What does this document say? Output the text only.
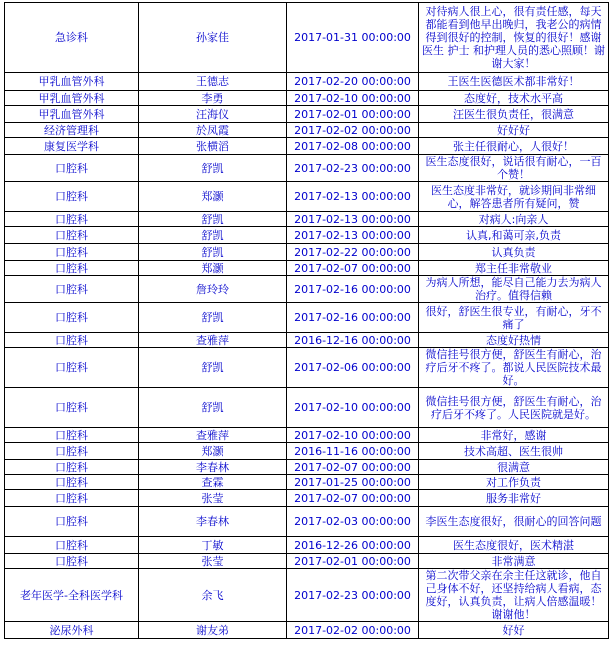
急诊科	孙家佳	2017-01-31 00:00:00	对待病人很上心，很有责任感，每天都能看到他早出晚归，我老公的病情得到很好的控制，恢复的很好！感谢医生 护士 和护理人员的悉心照顾！谢谢大家！
甲乳血管外科	王德志	2017-02-20 00:00:00	王医生医德医术都非常好！
甲乳血管外科	李勇	2017-02-10 00:00:00	态度好，技术水平高
甲乳血管外科	汪海仪	2017-02-01 00:00:00	汪医生很负责任，很满意
经济管理科	於凤霞	2017-02-02 00:00:00	好好好
康复医学科	张横滔	2017-02-08 00:00:00	张主任很耐心，人很好！
口腔科	舒凯	2017-02-23 00:00:00	医生态度很好，说话很有耐心，一百个赞！
口腔科	郑灏	2017-02-13 00:00:00	医生态度非常好，就诊期间非常细心，解答患者所有疑问，赞
口腔科	舒凯	2017-02-13 00:00:00	对病人:向亲人
口腔科	舒凯	2017-02-13 00:00:00	认真,和蔼可亲,负责
口腔科	舒凯	2017-02-22 00:00:00	认真负责
口腔科	郑灏	2017-02-07 00:00:00	郑主任非常敬业
口腔科	詹玲玲	2017-02-16 00:00:00	为病人所想，能尽自己能力去为病人治疗。值得信赖
口腔科	舒凯	2017-02-16 00:00:00	很好，舒医生很专业，有耐心，牙不痛了
口腔科	查雅萍	2016-12-16 00:00:00	态度好热情
口腔科	舒凯	2017-02-06 00:00:00	微信挂号很方便，舒医生有耐心，治疗后牙不疼了。都说人民医院技术最好。
口腔科	舒凯	2017-02-10 00:00:00	微信挂号很方便，舒医生有耐心，治疗后牙不疼了。人民医院就是好。
口腔科	查雅萍	2017-02-10 00:00:00	非常好，感谢
口腔科	郑灏	2016-11-16 00:00:00	技术高超、医生很帅
口腔科	李春林	2017-02-07 00:00:00	很满意
口腔科	查霖	2017-01-25 00:00:00	对工作负责
口腔科	张莹	2017-02-07 00:00:00	服务非常好
口腔科	李春林	2017-02-03 00:00:00	李医生态度很好，很耐心的回答问题
口腔科	丁敏	2016-12-26 00:00:00	医生态度很好，医术精湛
口腔科	张莹	2017-02-01 00:00:00	非常满意
老年医学-全科医学科	余飞	2017-02-23 00:00:00	第二次带父亲在余主任这就诊，他自己身体不好，还坚持给病人看病，态度好，认真负责，让病人倍感温暖！谢谢他！
泌尿外科	谢友弟	2017-02-02 00:00:00	好好
